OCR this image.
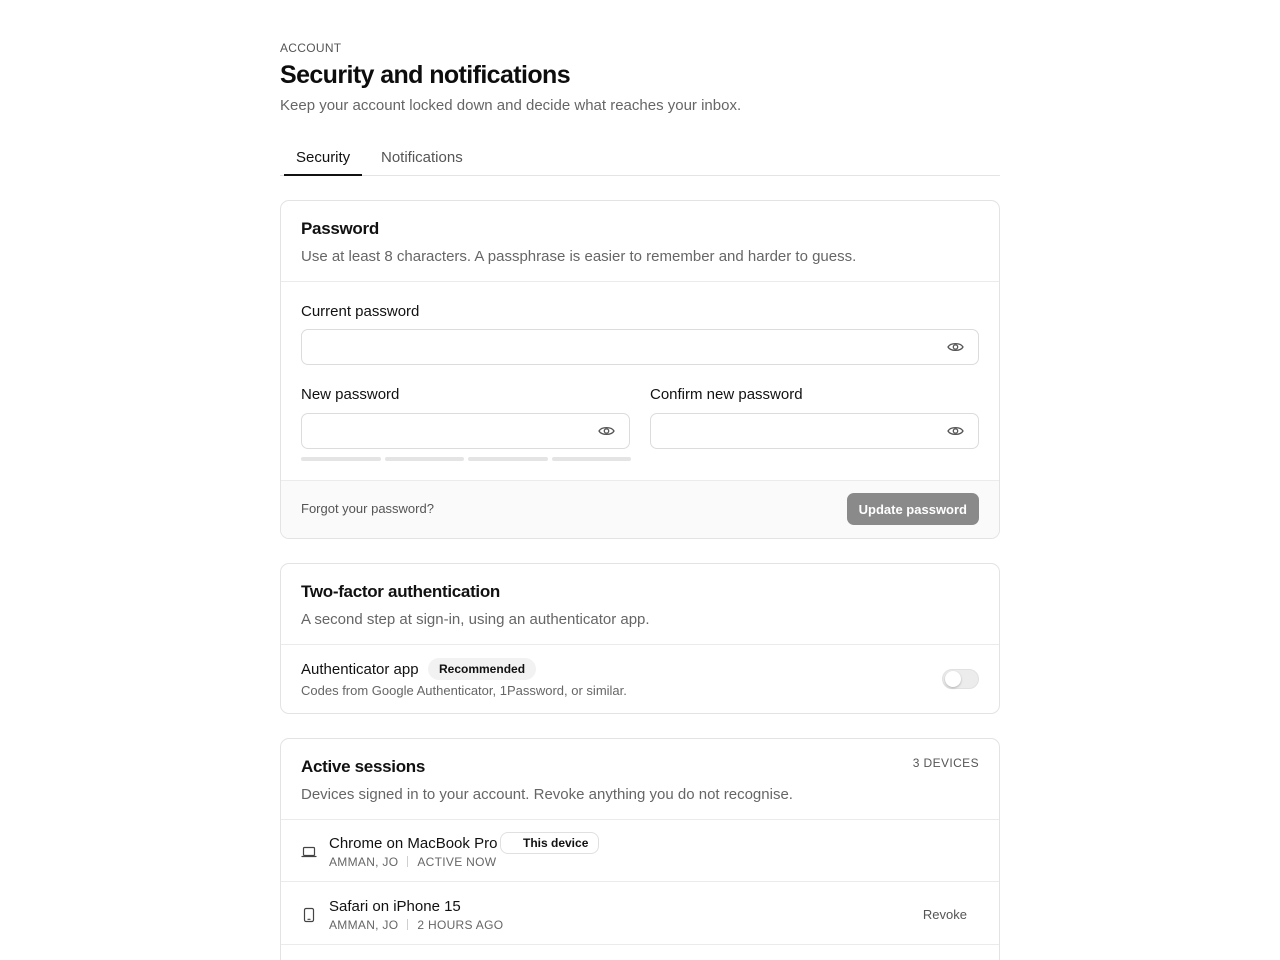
ACCOUNT
Security and notifications

Keep your account locked down and decide what reaches your inbox.

Security	Notifications
Password

Use at least 8 characters. A passphrase is easier to remember and harder to guess.

Current password
New password	Confirm new password
Forgot your password?	Update password
Two-factor authentication

A second step at sign-in, using an authenticator app.

Authenticator app	Recommended
Codes from Google Authenticator, 1Password, or similar.
Active sessions

Devices signed in to your account. Revoke anything you do not recognise.

3 DEVICES
Chrome on MacBook Pro	This device
AMMAN, JO ACTIVE NOW
Safari on iPhone 15
AMMAN, JO 2 HOURS AGO
Revoke
